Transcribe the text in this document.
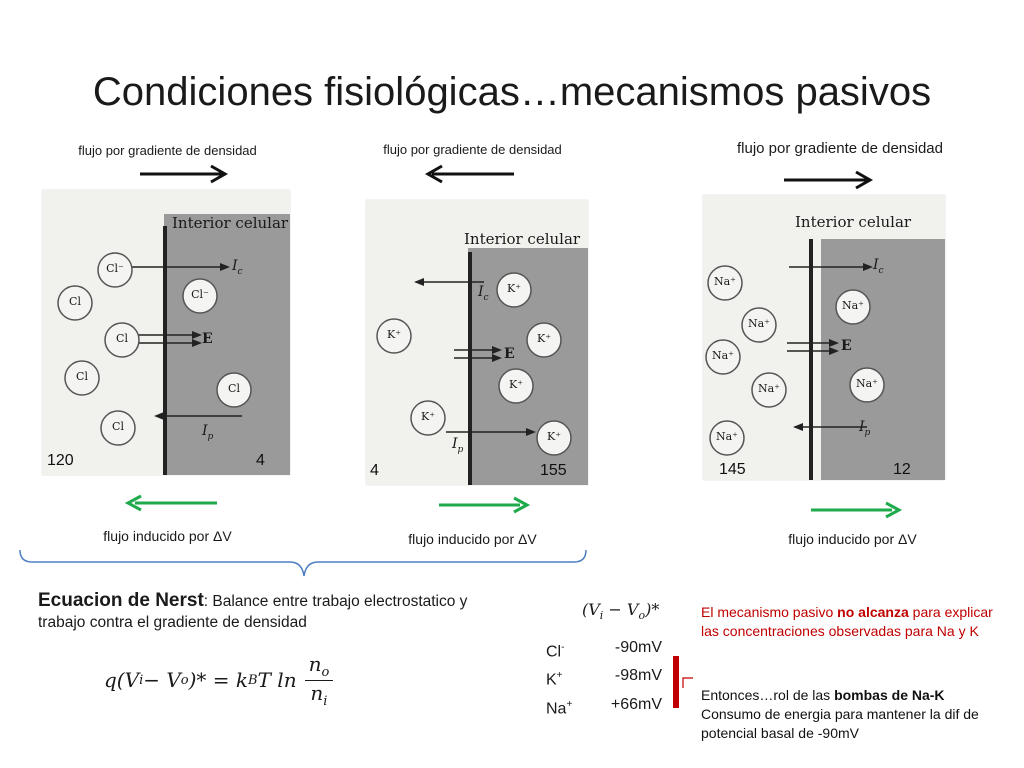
Condiciones fisiológicas…mecanismos pasivos
flujo por gradiente de densidad
Interior celular
Cl⁻
Cl
Cl
Cl
Cl
Cl⁻
Cl
$I_c$
E
$I_p$
120	4
flujo inducido por ΔV
flujo por gradiente de densidad
Interior celular
K⁺
K⁺
K⁺
K⁺
K⁺
K⁺
$I_c$
E
$I_p$
4	155
flujo inducido por ΔV
flujo por gradiente de densidad
Interior celular
Na⁺
Na⁺
Na⁺
Na⁺
Na⁺
Na⁺
Na⁺
$I_c$
E
$I_p$
145	12
flujo inducido por ΔV
Ecuacion de Nerst: Balance entre trabajo electrostatico y trabajo contra el gradiente de densidad
q(V i − V o )* = k B T ln
$n_o$
$n_i$
$(V_i - V_o)*$
Cl-	-90mV
K+	-98mV
Na+	+66mV
El mecanismo pasivo no alcanza para explicar las concentraciones observadas para Na y K
Entonces…rol de las bombas de Na-K
Consumo de energia para mantener la dif de potencial basal de -90mV
